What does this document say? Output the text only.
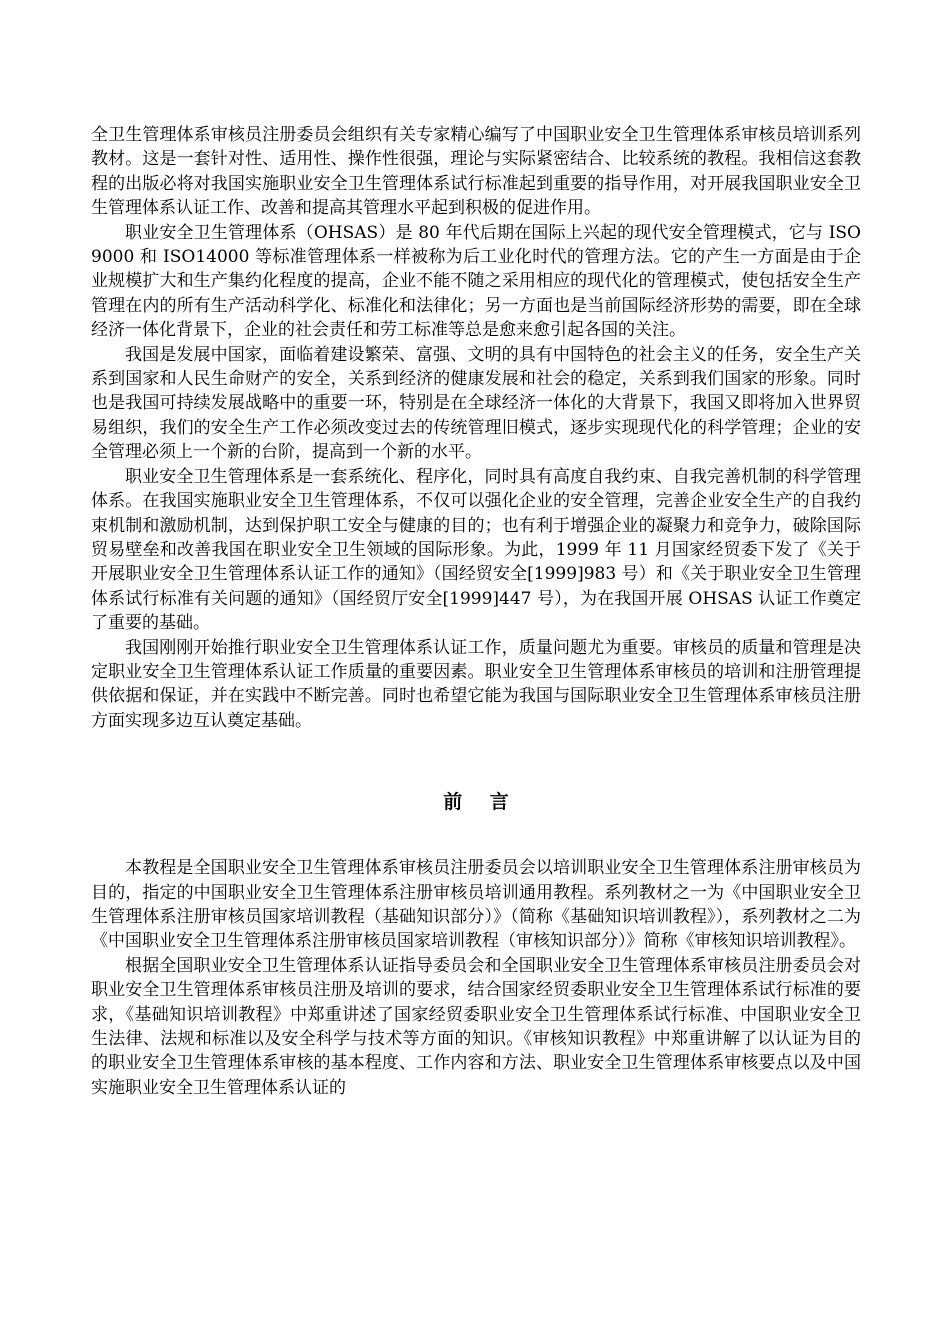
全卫生管理体系审核员注册委员会组织有关专家精心编写了中国职业安全卫生管理体系审核员培训系列教材。这是一套针对性、适用性、操作性很强，理论与实际紧密结合、比较系统的教程。我相信这套教程的出版必将对我国实施职业安全卫生管理体系试行标准起到重要的指导作用，对开展我国职业安全卫生管理体系认证工作、改善和提高其管理水平起到积极的促进作用。

职业安全卫生管理体系（OHSAS）是 80 年代后期在国际上兴起的现代安全管理模式，它与 ISO9000 和 ISO14000 等标准管理体系一样被称为后工业化时代的管理方法。它的产生一方面是由于企业规模扩大和生产集约化程度的提高，企业不能不随之采用相应的现代化的管理模式，使包括安全生产管理在内的所有生产活动科学化、标准化和法律化；另一方面也是当前国际经济形势的需要，即在全球经济一体化背景下，企业的社会责任和劳工标准等总是愈来愈引起各国的关注。

我国是发展中国家，面临着建设繁荣、富强、文明的具有中国特色的社会主义的任务，安全生产关系到国家和人民生命财产的安全，关系到经济的健康发展和社会的稳定，关系到我们国家的形象。同时也是我国可持续发展战略中的重要一环，特别是在全球经济一体化的大背景下，我国又即将加入世界贸易组织，我们的安全生产工作必须改变过去的传统管理旧模式，逐步实现现代化的科学管理；企业的安全管理必须上一个新的台阶，提高到一个新的水平。

职业安全卫生管理体系是一套系统化、程序化，同时具有高度自我约束、自我完善机制的科学管理体系。在我国实施职业安全卫生管理体系，不仅可以强化企业的安全管理，完善企业安全生产的自我约束机制和激励机制，达到保护职工安全与健康的目的；也有利于增强企业的凝聚力和竞争力，破除国际贸易壁垒和改善我国在职业安全卫生领域的国际形象。为此，1999 年 11 月国家经贸委下发了《关于开展职业安全卫生管理体系认证工作的通知》（国经贸安全[1999]983 号）和《关于职业安全卫生管理体系试行标准有关问题的通知》（国经贸厅安全[1999]447 号），为在我国开展 OHSAS 认证工作奠定了重要的基础。

我国刚刚开始推行职业安全卫生管理体系认证工作，质量问题尤为重要。审核员的质量和管理是决定职业安全卫生管理体系认证工作质量的重要因素。职业安全卫生管理体系审核员的培训和注册管理提供依据和保证，并在实践中不断完善。同时也希望它能为我国与国际职业安全卫生管理体系审核员注册方面实现多边互认奠定基础。

前 言

本教程是全国职业安全卫生管理体系审核员注册委员会以培训职业安全卫生管理体系注册审核员为目的，指定的中国职业安全卫生管理体系注册审核员培训通用教程。系列教材之一为《中国职业安全卫生管理体系注册审核员国家培训教程（基础知识部分）》（简称《基础知识培训教程》），系列教材之二为《中国职业安全卫生管理体系注册审核员国家培训教程（审核知识部分）》简称《审核知识培训教程》。

根据全国职业安全卫生管理体系认证指导委员会和全国职业安全卫生管理体系审核员注册委员会对职业安全卫生管理体系审核员注册及培训的要求，结合国家经贸委职业安全卫生管理体系试行标准的要求，《基础知识培训教程》中郑重讲述了国家经贸委职业安全卫生管理体系试行标准、中国职业安全卫生法律、法规和标准以及安全科学与技术等方面的知识。《审核知识教程》中郑重讲解了以认证为目的的职业安全卫生管理体系审核的基本程度、工作内容和方法、职业安全卫生管理体系审核要点以及中国实施职业安全卫生管理体系认证的
